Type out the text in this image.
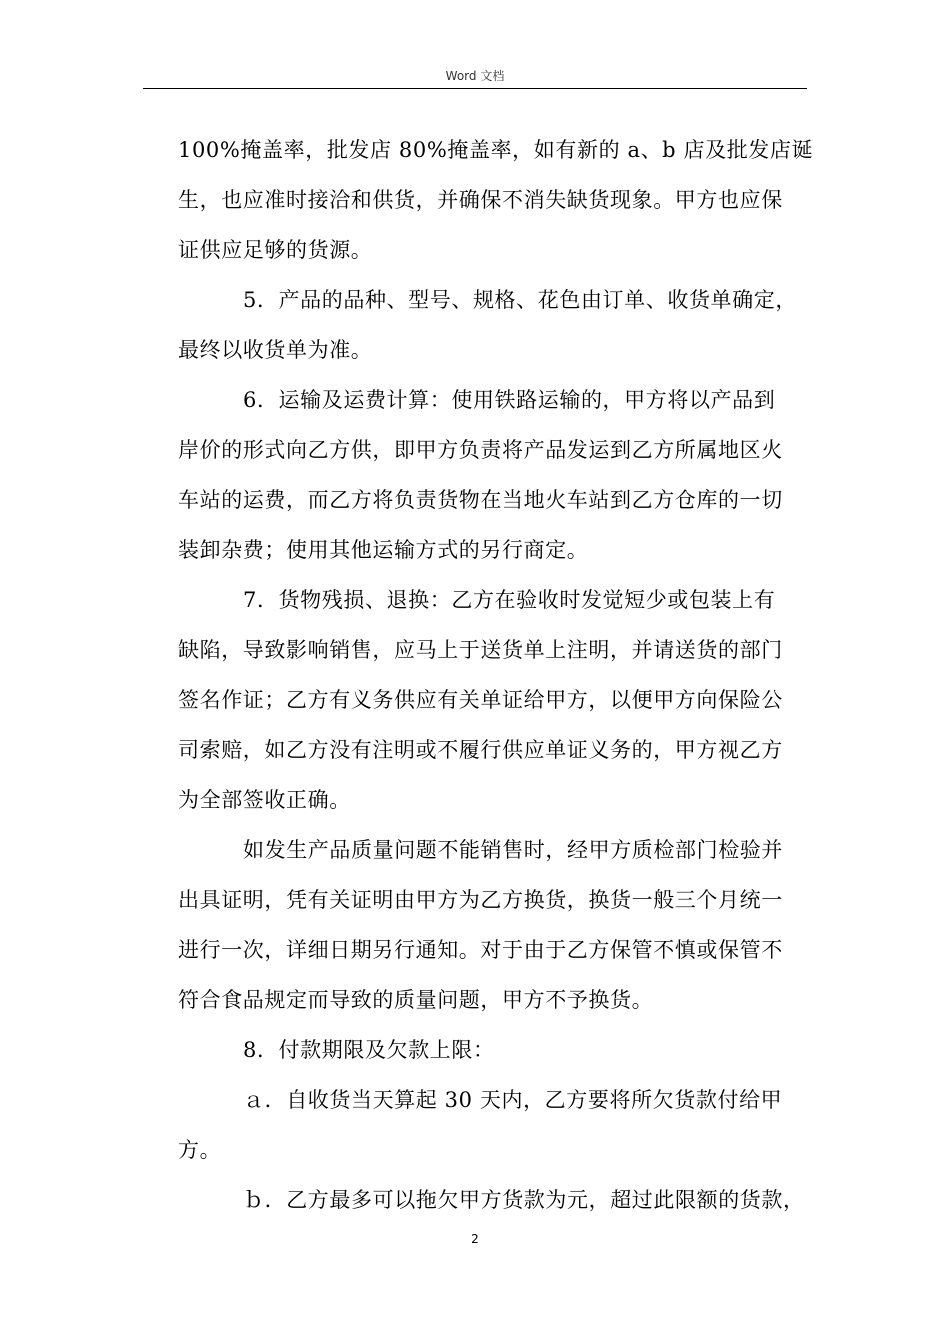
Word 文档
100%掩盖率，批发店 80%掩盖率，如有新的 a、b 店及批发店诞
生，也应准时接洽和供货，并确保不消失缺货现象。甲方也应保
证供应足够的货源。
5．产品的品种、型号、规格、花色由订单、收货单确定，
最终以收货单为准。
6．运输及运费计算：使用铁路运输的，甲方将以产品到
岸价的形式向乙方供，即甲方负责将产品发运到乙方所属地区火
车站的运费，而乙方将负责货物在当地火车站到乙方仓库的一切
装卸杂费；使用其他运输方式的另行商定。
7．货物残损、退换：乙方在验收时发觉短少或包装上有
缺陷，导致影响销售，应马上于送货单上注明，并请送货的部门
签名作证；乙方有义务供应有关单证给甲方，以便甲方向保险公
司索赔，如乙方没有注明或不履行供应单证义务的，甲方视乙方
为全部签收正确。
如发生产品质量问题不能销售时，经甲方质检部门检验并
出具证明，凭有关证明由甲方为乙方换货，换货一般三个月统一
进行一次，详细日期另行通知。对于由于乙方保管不慎或保管不
符合食品规定而导致的质量问题，甲方不予换货。
8．付款期限及欠款上限：
ａ．自收货当天算起 30 天内，乙方要将所欠货款付给甲
方。
ｂ．乙方最多可以拖欠甲方货款为元，超过此限额的货款，
2
